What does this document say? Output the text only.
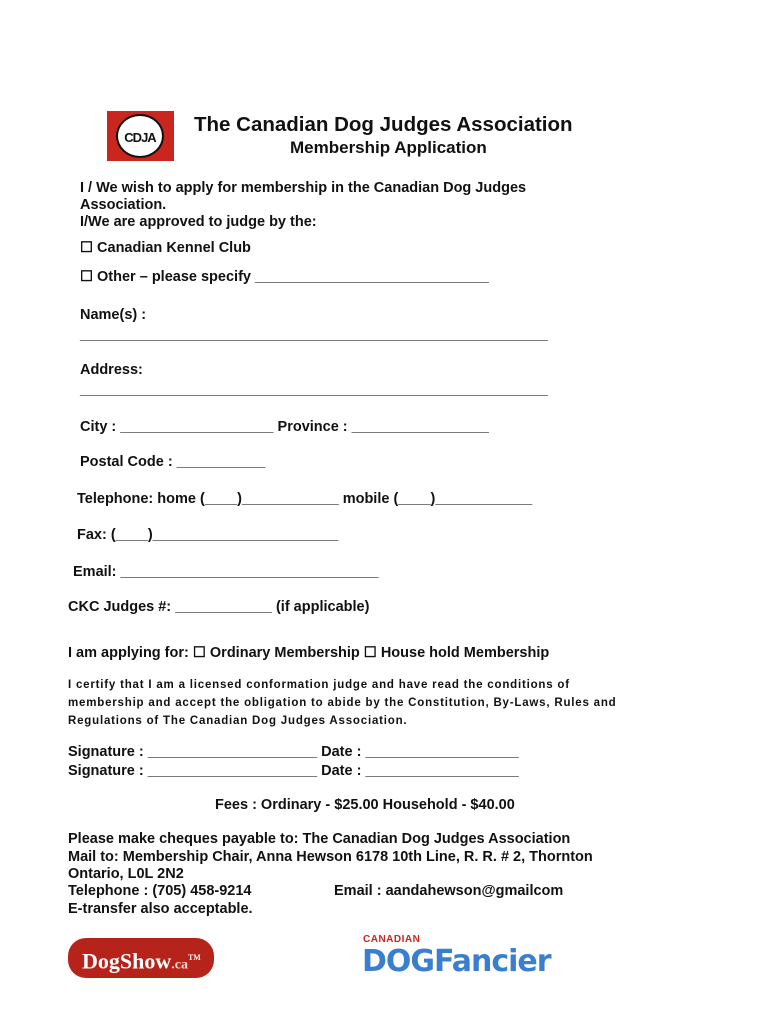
CDJA
The Canadian Dog Judges Association
Membership Application
I / We wish to apply for membership in the Canadian Dog Judges
Association.
I/We are approved to judge by the:
☐ Canadian Kennel Club
☐ Other – please specify _____________________________
Name(s) :
__________________________________________________________
Address:
__________________________________________________________
City : ___________________ Province : _________________
Postal Code : ___________
Telephone: home (____)____________ mobile (____)____________
Fax: (____)_______________________
Email: ________________________________
CKC Judges #: ____________ (if applicable)
I am applying for: ☐ Ordinary Membership ☐ House hold Membership
I certify that I am a licensed conformation judge and have read the conditions of
membership and accept the obligation to abide by the Constitution, By-Laws, Rules and
Regulations of The Canadian Dog Judges Association.
Signature : _____________________ Date : ___________________
Signature : _____________________ Date : ___________________
Fees : Ordinary - $25.00 Household - $40.00
Please make cheques payable to: The Canadian Dog Judges Association
Mail to: Membership Chair, Anna Hewson 6178 10th Line, R. R. # 2, Thornton
Ontario, L0L 2N2
Telephone : (705) 458-9214	Email : aandahewson@gmailcom
E-transfer also acceptable.
DogShow.ca™
CANADIAN
DOGFancier
